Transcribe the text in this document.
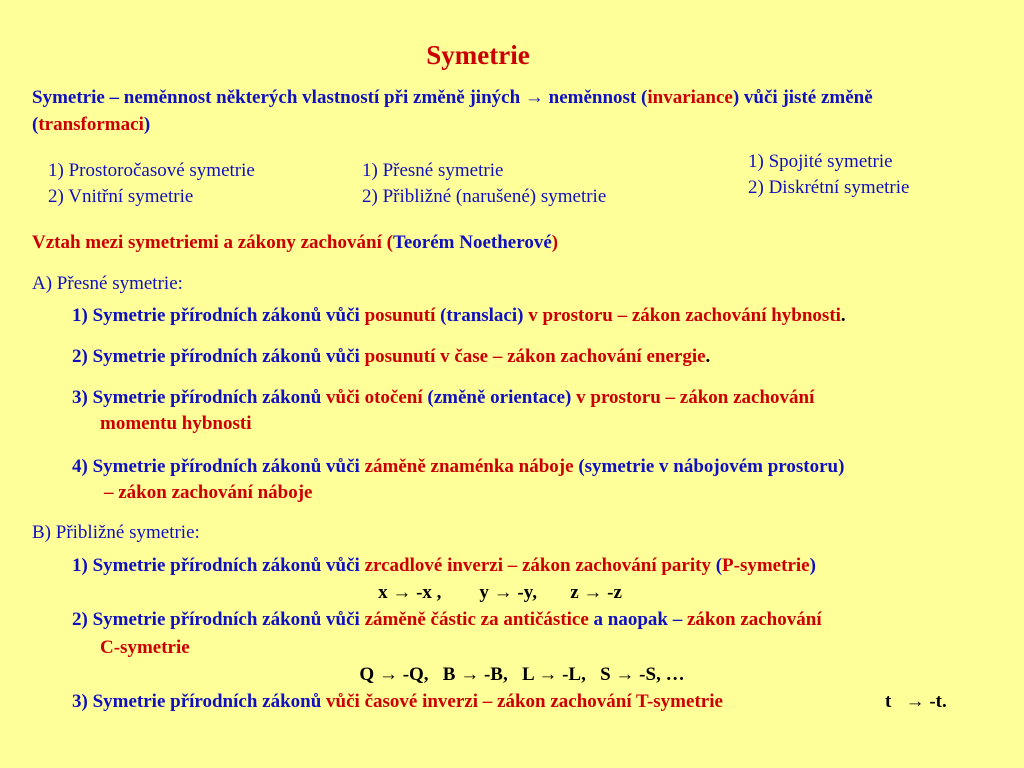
Symetrie
Symetrie – neměnnost některých vlastností při změně jiných → neměnnost (invariance) vůči jisté změně (transformaci)
1) Prostoročasové symetrie
2) Vnitřní symetrie
1) Přesné symetrie
2) Přibližné (narušené) symetrie
1) Spojité symetrie
2) Diskrétní symetrie
Vztah mezi symetriemi a zákony zachování (Teorém Noetherové)
A) Přesné symetrie:
1) Symetrie přírodních zákonů vůči posunutí (translaci) v prostoru – zákon zachování hybnosti.
2) Symetrie přírodních zákonů vůči posunutí v čase – zákon zachování energie.
3) Symetrie přírodních zákonů vůči otočení (změně orientace) v prostoru – zákon zachování
momentu hybnosti
4) Symetrie přírodních zákonů vůči záměně znaménka náboje (symetrie v nábojovém prostoru)
– zákon zachování náboje
B) Přibližné symetrie:
1) Symetrie přírodních zákonů vůči zrcadlové inverzi – zákon zachování parity (P-symetrie)
x → -x ,        y → -y,       z → -z
2) Symetrie přírodních zákonů vůči záměně částic za antičástice a naopak – zákon zachování
C-symetrie
Q → -Q,   B → -B,   L → -L,   S → -S, …
3) Symetrie přírodních zákonů vůči časové inverzi – zákon zachování T-symetrie	t   → -t.
